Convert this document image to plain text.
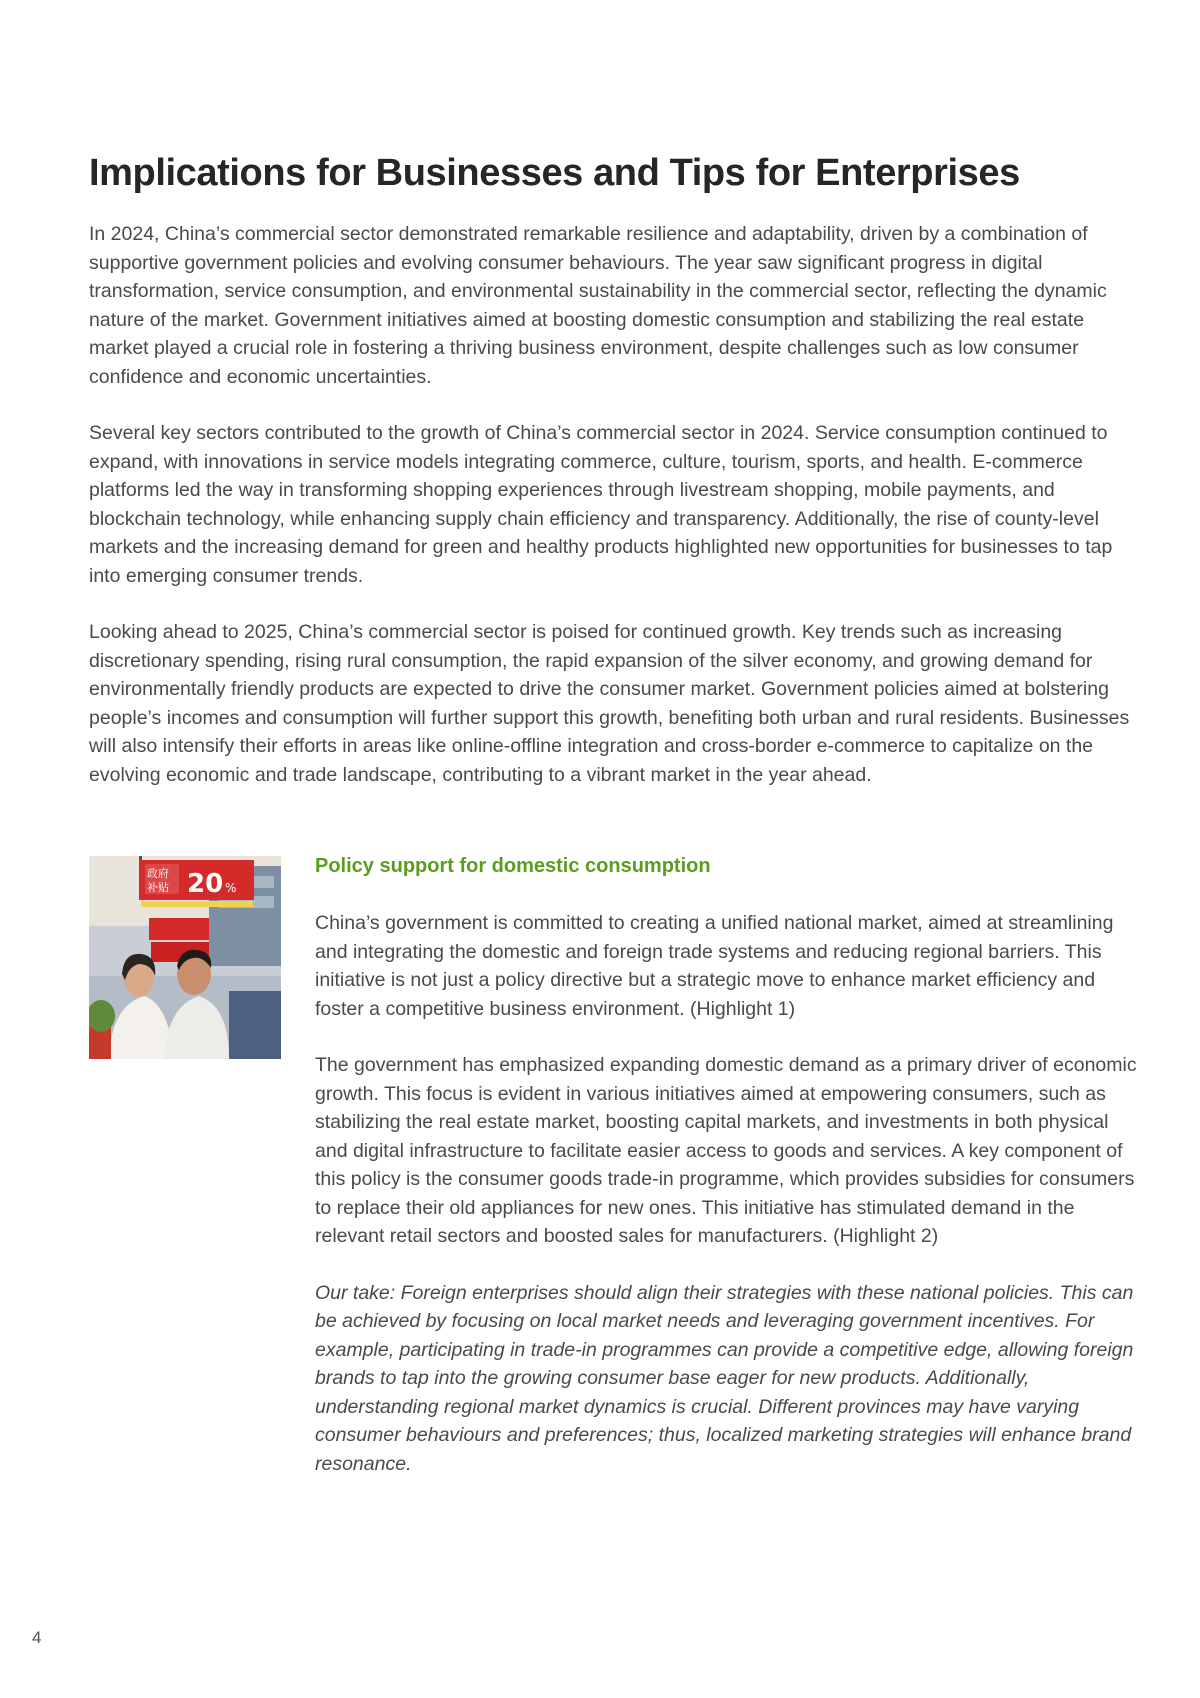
Implications for Businesses and Tips for Enterprises

In 2024, China’s commercial sector demonstrated remarkable resilience and adaptability, driven by a combination of supportive government policies and evolving consumer behaviours. The year saw significant progress in digital transformation, service consumption, and environmental sustainability in the commercial sector, reflecting the dynamic nature of the market. Government initiatives aimed at boosting domestic consumption and stabilizing the real estate market played a crucial role in fostering a thriving business environment, despite challenges such as low consumer confidence and economic uncertainties.

Several key sectors contributed to the growth of China’s commercial sector in 2024. Service consumption continued to expand, with innovations in service models integrating commerce, culture, tourism, sports, and health. E-commerce platforms led the way in transforming shopping experiences through livestream shopping, mobile payments, and blockchain technology, while enhancing supply chain efficiency and transparency. Additionally, the rise of county-level markets and the increasing demand for green and healthy products highlighted new opportunities for businesses to tap into emerging consumer trends.

Looking ahead to 2025, China’s commercial sector is poised for continued growth. Key trends such as increasing discretionary spending, rising rural consumption, the rapid expansion of the silver economy, and growing demand for environmentally friendly products are expected to drive the consumer market. Government policies aimed at bolstering people’s incomes and consumption will further support this growth, benefiting both urban and rural residents. Businesses will also intensify their efforts in areas like online-offline integration and cross-border e-commerce to capitalize on the evolving economic and trade landscape, contributing to a vibrant market in the year ahead.

政府
补贴 20 %
Policy support for domestic consumption

China’s government is committed to creating a unified national market, aimed at streamlining and integrating the domestic and foreign trade systems and reducing regional barriers. This initiative is not just a policy directive but a strategic move to enhance market efficiency and foster a competitive business environment. (Highlight 1)

The government has emphasized expanding domestic demand as a primary driver of economic growth. This focus is evident in various initiatives aimed at empowering consumers, such as stabilizing the real estate market, boosting capital markets, and investments in both physical and digital infrastructure to facilitate easier access to goods and services. A key component of this policy is the consumer goods trade-in programme, which provides subsidies for consumers to replace their old appliances for new ones. This initiative has stimulated demand in the relevant retail sectors and boosted sales for manufacturers. (Highlight 2)

Our take: Foreign enterprises should align their strategies with these national policies. This can be achieved by focusing on local market needs and leveraging government incentives. For example, participating in trade-in programmes can provide a competitive edge, allowing foreign brands to tap into the growing consumer base eager for new products. Additionally, understanding regional market dynamics is crucial. Different provinces may have varying consumer behaviours and preferences; thus, localized marketing strategies will enhance brand resonance.

4
